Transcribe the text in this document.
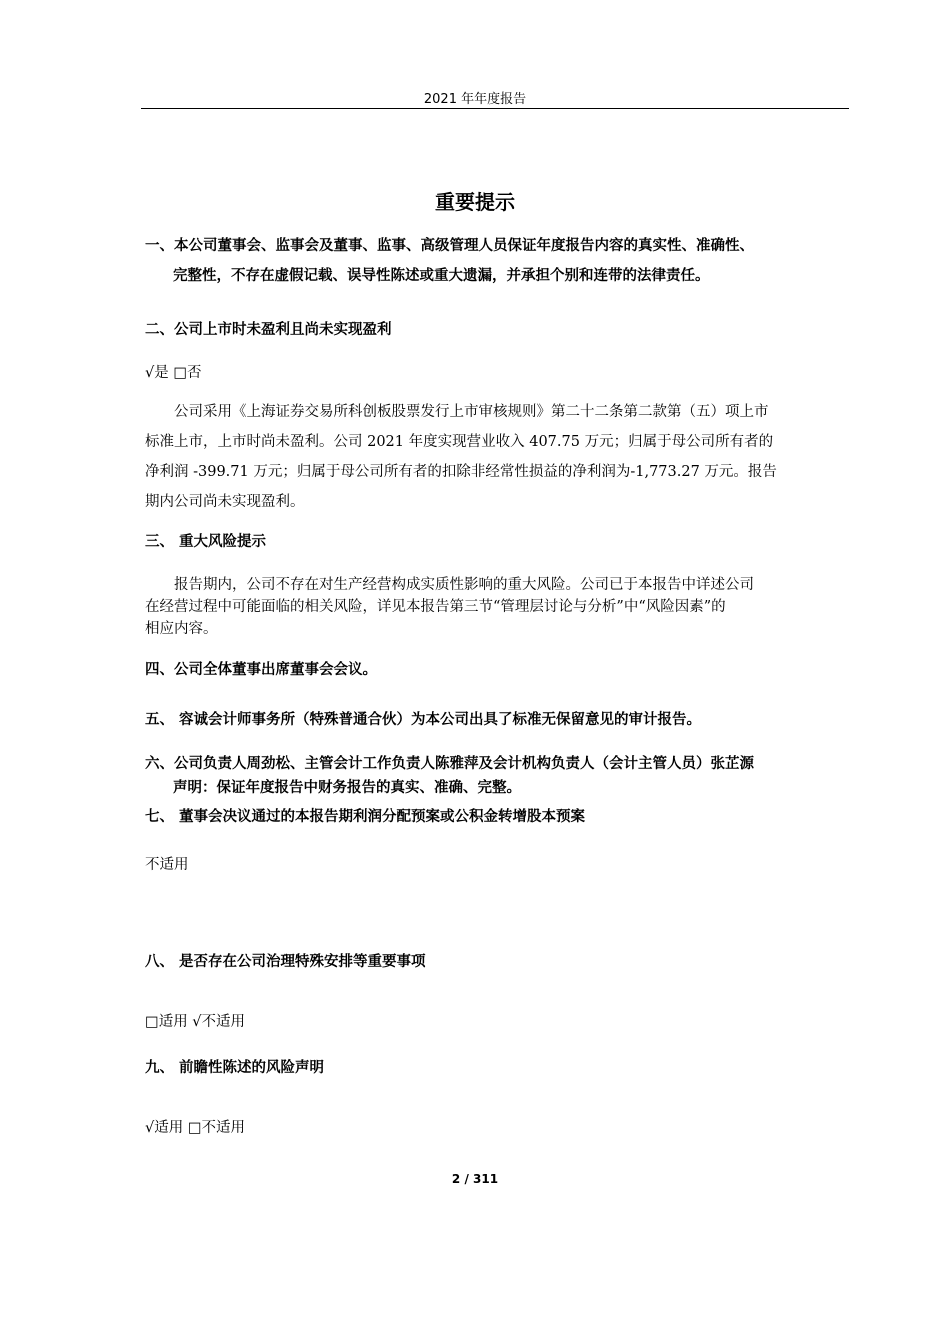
2021 年年度报告
重要提示
一、本公司董事会、监事会及董事、监事、高级管理人员保证年度报告内容的真实性、准确性、
完整性，不存在虚假记载、误导性陈述或重大遗漏，并承担个别和连带的法律责任。
二、公司上市时未盈利且尚未实现盈利
√是 □否
公司采用《上海证券交易所科创板股票发行上市审核规则》第二十二条第二款第（五）项上市
标准上市，上市时尚未盈利。公司 2021 年度实现营业收入 407.75 万元；归属于母公司所有者的
净利润 -399.71 万元；归属于母公司所有者的扣除非经常性损益的净利润为-1,773.27 万元。报告
期内公司尚未实现盈利。
三、 重大风险提示
报告期内，公司不存在对生产经营构成实质性影响的重大风险。公司已于本报告中详述公司
在经营过程中可能面临的相关风险，详见本报告第三节“管理层讨论与分析”中“风险因素”的
相应内容。
四、公司全体董事出席董事会会议。
五、 容诚会计师事务所（特殊普通合伙）为本公司出具了标准无保留意见的审计报告。
六、公司负责人周劲松、主管会计工作负责人陈雅萍及会计机构负责人（会计主管人员）张芷源
声明：保证年度报告中财务报告的真实、准确、完整。
七、 董事会决议通过的本报告期利润分配预案或公积金转增股本预案
不适用
八、 是否存在公司治理特殊安排等重要事项
□适用 √不适用
九、 前瞻性陈述的风险声明
√适用 □不适用
2 / 311
